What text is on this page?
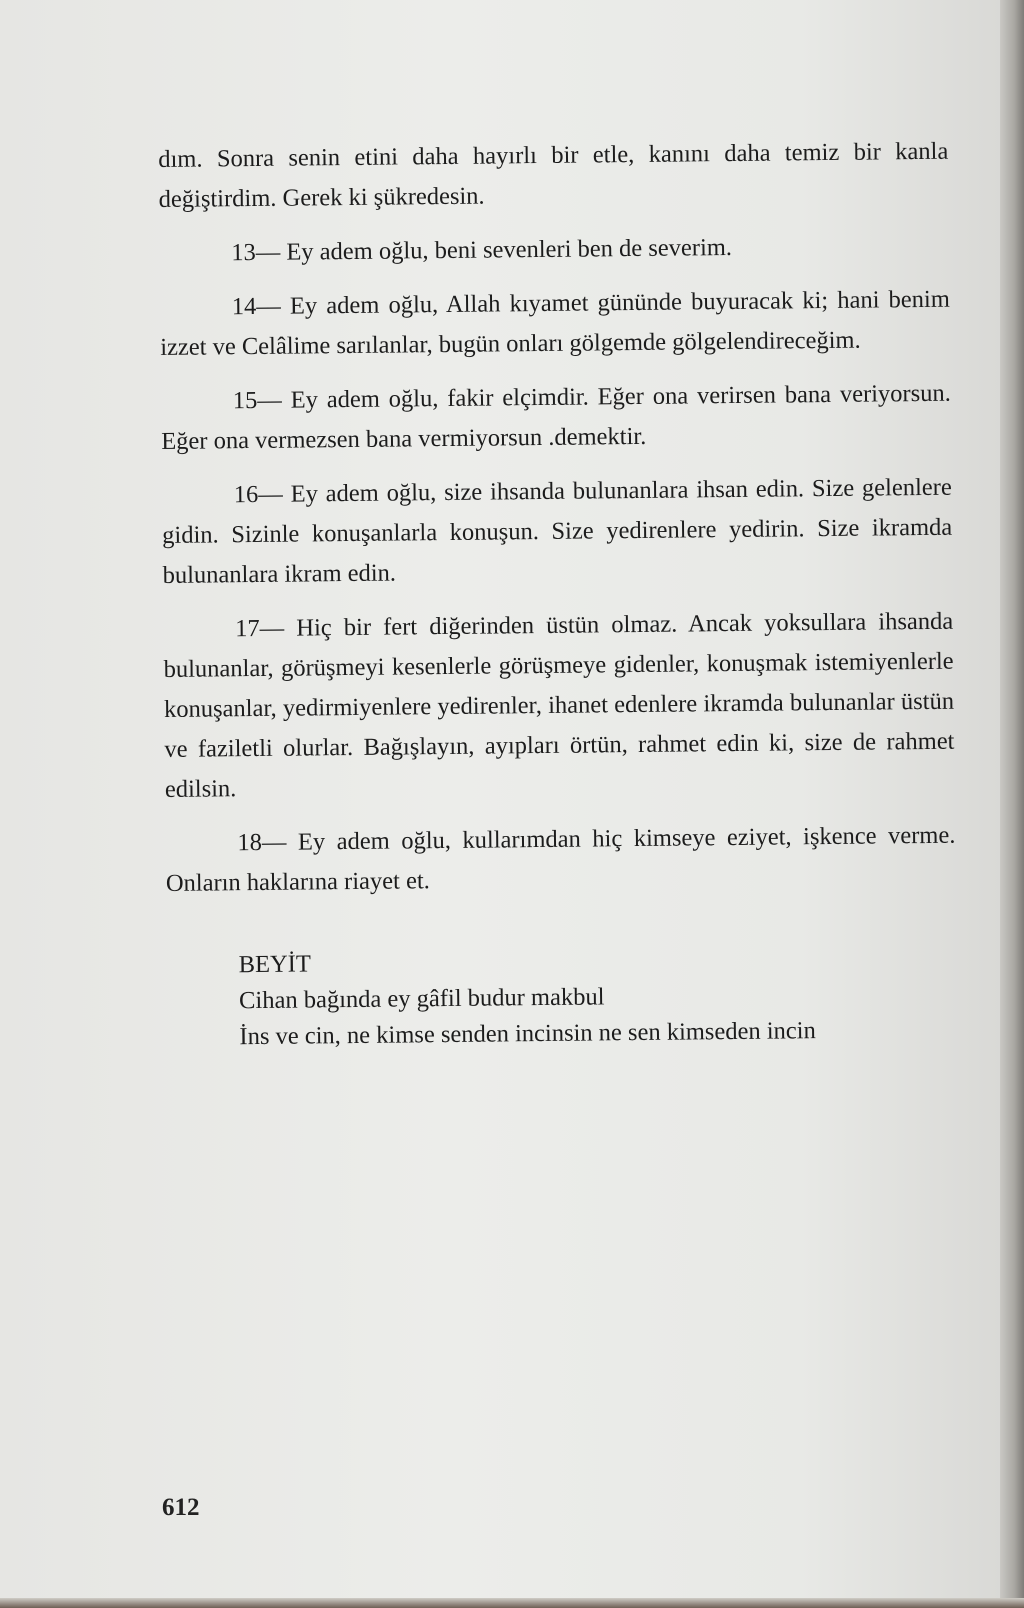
dım. Sonra senin etini daha hayırlı bir etle, kanını daha temiz bir kanla değiştirdim. Gerek ki şükredesin.

13— Ey adem oğlu, beni sevenleri ben de severim.

14— Ey adem oğlu, Allah kıyamet gününde buyuracak ki; hani benim izzet ve Celâlime sarılanlar, bugün onları gölgemde gölgelendireceğim.

15— Ey adem oğlu, fakir elçimdir. Eğer ona verirsen bana veriyorsun. Eğer ona vermezsen bana vermiyorsun .demektir.

16— Ey adem oğlu, size ihsanda bulunanlara ihsan edin. Size gelenlere gidin. Sizinle konuşanlarla konuşun. Size yedirenlere yedirin. Size ikramda bulunanlara ikram edin.

17— Hiç bir fert diğerinden üstün olmaz. Ancak yoksullara ihsanda bulunanlar, görüşmeyi kesenlerle görüşmeye gidenler, konuşmak istemiyenlerle konuşanlar, yedirmiyenlere yedirenler, ihanet edenlere ikramda bulunanlar üstün ve faziletli olurlar. Bağışlayın, ayıpları örtün, rahmet edin ki, size de rahmet edilsin.

18— Ey adem oğlu, kullarımdan hiç kimseye eziyet, işkence verme. Onların haklarına riayet et.

BEYİT
Cihan bağında ey gâfil budur makbul
İns ve cin, ne kimse senden incinsin ne sen kimseden incin
612
